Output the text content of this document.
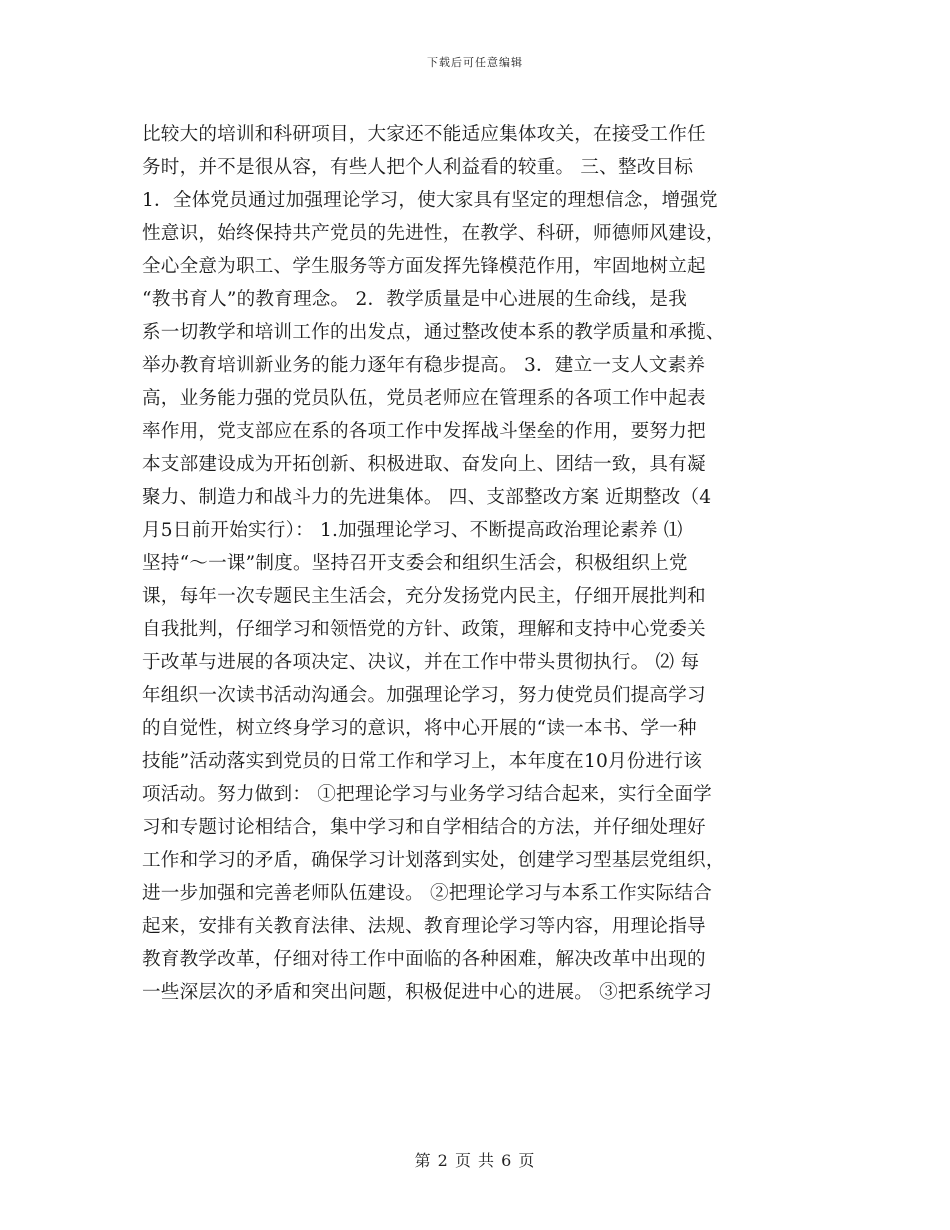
下载后可任意编辑
比较大的培训和科研项目，大家还不能适应集体攻关，在接受工作任
务时，并不是很从容，有些人把个人利益看的较重。 三、整改目标
1．全体党员通过加强理论学习，使大家具有坚定的理想信念，增强党
性意识，始终保持共产党员的先进性，在教学、科研，师德师风建设，
全心全意为职工、学生服务等方面发挥先锋模范作用，牢固地树立起
“教书育人”的教育理念。 2．教学质量是中心进展的生命线，是我
系一切教学和培训工作的出发点，通过整改使本系的教学质量和承揽、
举办教育培训新业务的能力逐年有稳步提高。 3．建立一支人文素养
高，业务能力强的党员队伍，党员老师应在管理系的各项工作中起表
率作用，党支部应在系的各项工作中发挥战斗堡垒的作用，要努力把
本支部建设成为开拓创新、积极进取、奋发向上、团结一致，具有凝
聚力、制造力和战斗力的先进集体。 四、支部整改方案 近期整改（4
月5日前开始实行）： 1.加强理论学习、不断提高政治理论素养 ⑴
坚持“～一课”制度。坚持召开支委会和组织生活会，积极组织上党
课，每年一次专题民主生活会，充分发扬党内民主，仔细开展批判和
自我批判，仔细学习和领悟党的方针、政策，理解和支持中心党委关
于改革与进展的各项决定、决议，并在工作中带头贯彻执行。 ⑵ 每
年组织一次读书活动沟通会。加强理论学习，努力使党员们提高学习
的自觉性，树立终身学习的意识，将中心开展的“读一本书、学一种
技能”活动落实到党员的日常工作和学习上，本年度在10月份进行该
项活动。努力做到： ①把理论学习与业务学习结合起来，实行全面学
习和专题讨论相结合，集中学习和自学相结合的方法，并仔细处理好
工作和学习的矛盾，确保学习计划落到实处，创建学习型基层党组织，
进一步加强和完善老师队伍建设。 ②把理论学习与本系工作实际结合
起来，安排有关教育法律、法规、教育理论学习等内容，用理论指导
教育教学改革，仔细对待工作中面临的各种困难，解决改革中出现的
一些深层次的矛盾和突出问题，积极促进中心的进展。 ③把系统学习
第 2 页 共 6 页
